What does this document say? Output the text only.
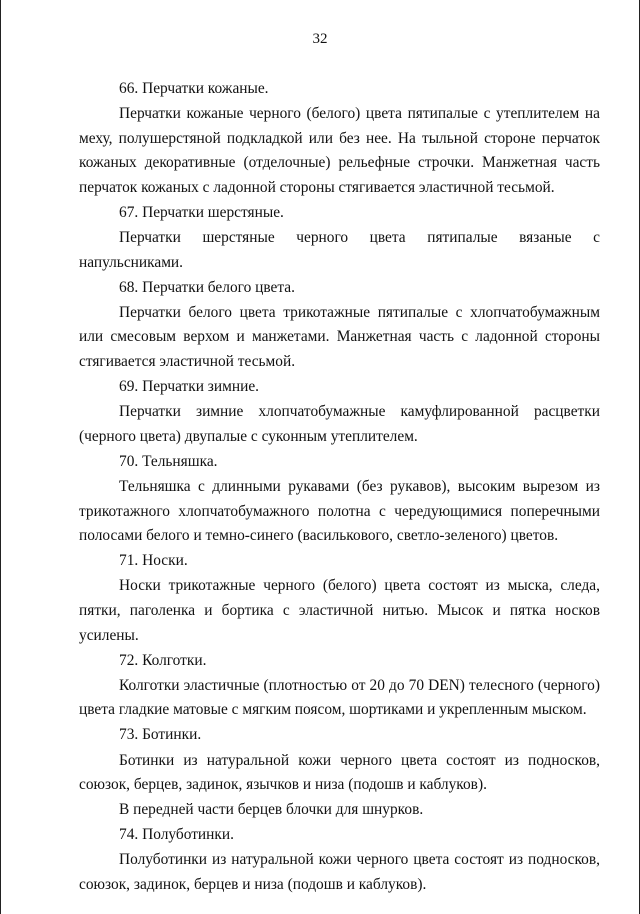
32

66. Перчатки кожаные.

Перчатки кожаные черного (белого) цвета пятипалые с утеплителем на меху, полушерстяной подкладкой или без нее. На тыльной стороне перчаток кожаных декоративные (отделочные) рельефные строчки. Манжетная часть перчаток кожаных с ладонной стороны стягивается эластичной тесьмой.

67. Перчатки шерстяные.

Перчатки шерстяные черного цвета пятипалые вязаные с напульсниками.

68. Перчатки белого цвета.

Перчатки белого цвета трикотажные пятипалые с хлопчатобумажным или смесовым верхом и манжетами. Манжетная часть с ладонной стороны стягивается эластичной тесьмой.

69. Перчатки зимние.

Перчатки зимние хлопчатобумажные камуфлированной расцветки (черного цвета) двупалые с суконным утеплителем.

70. Тельняшка.

Тельняшка с длинными рукавами (без рукавов), высоким вырезом из трикотажного хлопчатобумажного полотна с чередующимися поперечными полосами белого и темно-синего (василькового, светло-зеленого) цветов.

71. Носки.

Носки трикотажные черного (белого) цвета состоят из мыска, следа, пятки, паголенка и бортика с эластичной нитью. Мысок и пятка носков усилены.

72. Колготки.

Колготки эластичные (плотностью от 20 до 70 DEN) телесного (черного) цвета гладкие матовые с мягким поясом, шортиками и укрепленным мыском.

73. Ботинки.

Ботинки из натуральной кожи черного цвета состоят из подносков, союзок, берцев, задинок, язычков и низа (подошв и каблуков).

В передней части берцев блочки для шнурков.

74. Полуботинки.

Полуботинки из натуральной кожи черного цвета состоят из подносков, союзок, задинок, берцев и низа (подошв и каблуков).
